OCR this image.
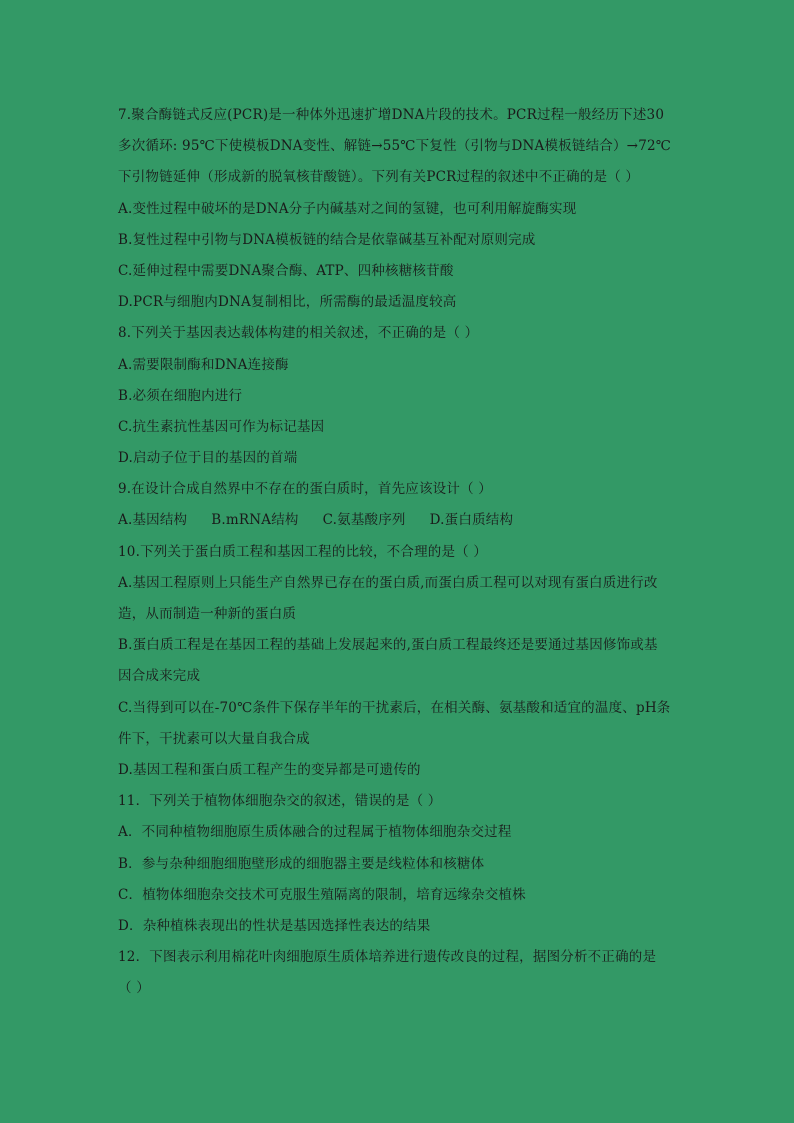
7.聚合酶链式反应(PCR)是一种体外迅速扩增DNA片段的技术。PCR过程一般经历下述30
多次循环: 95℃下使模板DNA变性、解链→55℃下复性（引物与DNA模板链结合）→72℃
下引物链延伸（形成新的脱氧核苷酸链）。下列有关PCR过程的叙述中不正确的是（ ）
A.变性过程中破坏的是DNA分子内碱基对之间的氢键，也可利用解旋酶实现
B.复性过程中引物与DNA模板链的结合是依靠碱基互补配对原则完成
C.延伸过程中需要DNA聚合酶、ATP、四种核糖核苷酸
D.PCR与细胞内DNA复制相比，所需酶的最适温度较高
8.下列关于基因表达载体构建的相关叙述，不正确的是（ ）
A.需要限制酶和DNA连接酶
B.必须在细胞内进行
C.抗生素抗性基因可作为标记基因
D.启动子位于目的基因的首端
9.在设计合成自然界中不存在的蛋白质时，首先应该设计（ ）
A.基因结构 B.mRNA结构 C.氨基酸序列 D.蛋白质结构
10.下列关于蛋白质工程和基因工程的比较，不合理的是（ ）
A.基因工程原则上只能生产自然界已存在的蛋白质,而蛋白质工程可以对现有蛋白质进行改
造，从而制造一种新的蛋白质
B.蛋白质工程是在基因工程的基础上发展起来的,蛋白质工程最终还是要通过基因修饰或基
因合成来完成
C.当得到可以在-70℃条件下保存半年的干扰素后，在相关酶、氨基酸和适宜的温度、pH条
件下，干扰素可以大量自我合成
D.基因工程和蛋白质工程产生的变异都是可遗传的
11．下列关于植物体细胞杂交的叙述，错误的是（ ）
A．不同种植物细胞原生质体融合的过程属于植物体细胞杂交过程
B．参与杂种细胞细胞壁形成的细胞器主要是线粒体和核糖体
C．植物体细胞杂交技术可克服生殖隔离的限制，培育远缘杂交植株
D．杂种植株表现出的性状是基因选择性表达的结果
12．下图表示利用棉花叶肉细胞原生质体培养进行遗传改良的过程，据图分析不正确的是
（ ）
